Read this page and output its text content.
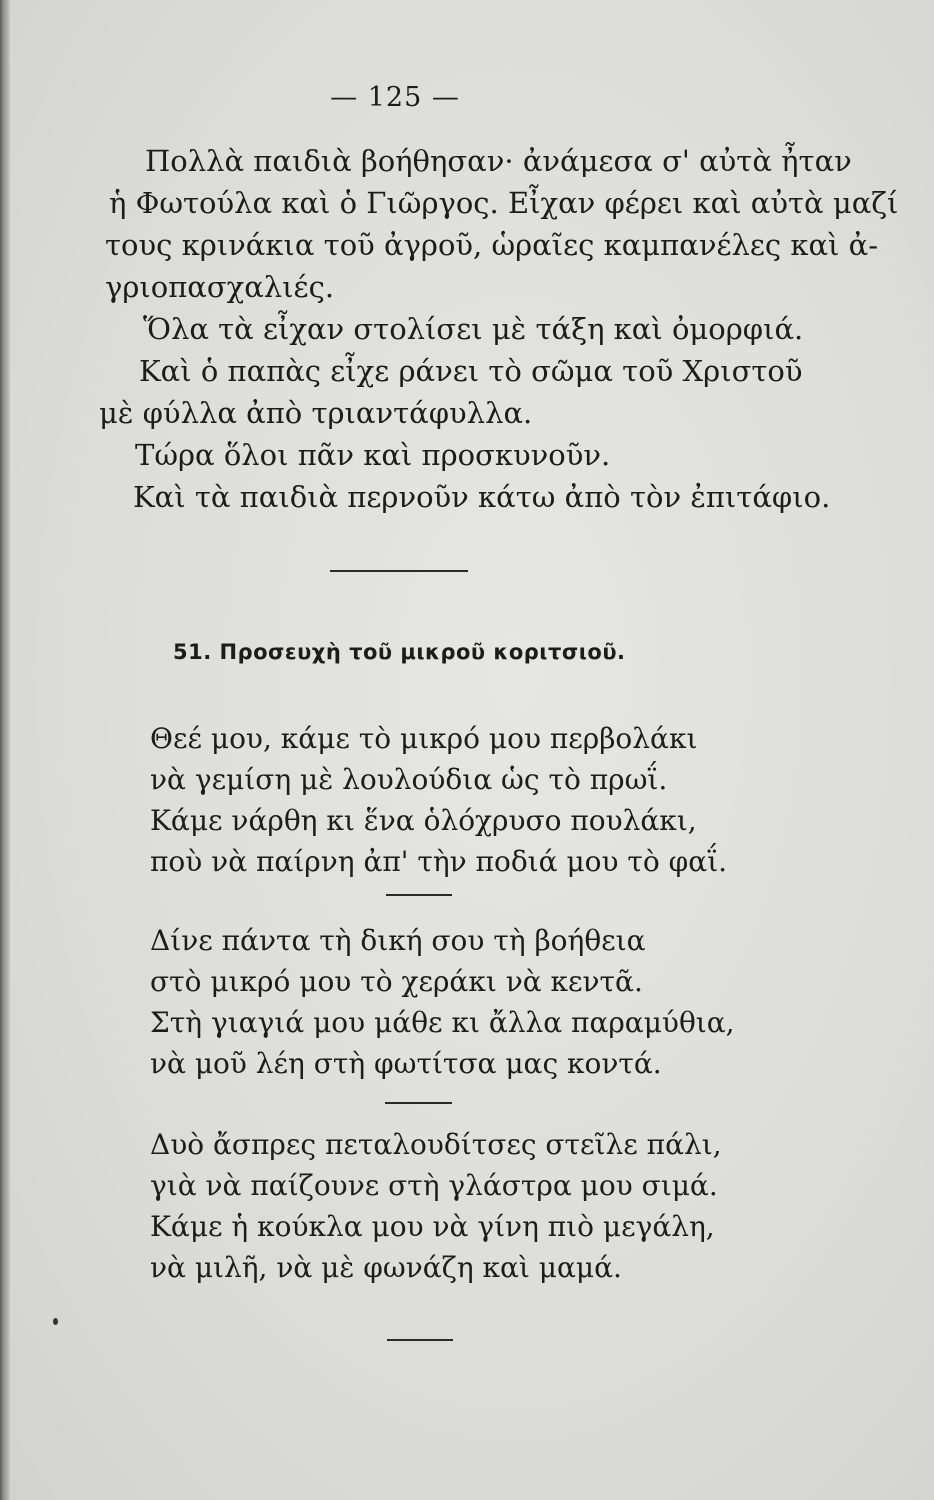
— 125 —
Πολλὰ παιδιὰ βοήθησαν· ἀνάμεσα σ' αὐτὰ ἦταν
ἡ Φωτούλα καὶ ὁ Γιῶργος. Εἶχαν φέρει καὶ αὐτὰ μαζί
τους κρινάκια τοῦ ἀγροῦ, ὡραῖες καμπανέλες καὶ ἀ-
γριοπασχαλιές.
Ὅλα τὰ εἶχαν στολίσει μὲ τάξη καὶ ὀμορφιά.
Καὶ ὁ παπὰς εἶχε ράνει τὸ σῶμα τοῦ Χριστοῦ
μὲ φύλλα ἀπὸ τριαντάφυλλα.
Τώρα ὅλοι πᾶν καὶ προσκυνοῦν.
Καὶ τὰ παιδιὰ περνοῦν κάτω ἀπὸ τὸν ἐπιτάφιο.
51. Προσευχὴ τοῦ μικροῦ κοριτσιοῦ.
Θεέ μου, κάμε τὸ μικρό μου περβολάκι
νὰ γεμίση μὲ λουλούδια ὡς τὸ πρωΐ.
Κάμε νάρθη κι ἕνα ὁλόχρυσο πουλάκι,
ποὺ νὰ παίρνη ἀπ' τὴν ποδιά μου τὸ φαΐ.
Δίνε πάντα τὴ δική σου τὴ βοήθεια
στὸ μικρό μου τὸ χεράκι νὰ κεντᾶ.
Στὴ γιαγιά μου μάθε κι ἄλλα παραμύθια,
νὰ μοῦ λέη στὴ φωτίτσα μας κοντά.
Δυὸ ἄσπρες πεταλουδίτσες στεῖλε πάλι,
γιὰ νὰ παίζουνε στὴ γλάστρα μου σιμά.
Κάμε ἡ κούκλα μου νὰ γίνη πιὸ μεγάλη,
νὰ μιλῆ, νὰ μὲ φωνάζη καὶ μαμά.
